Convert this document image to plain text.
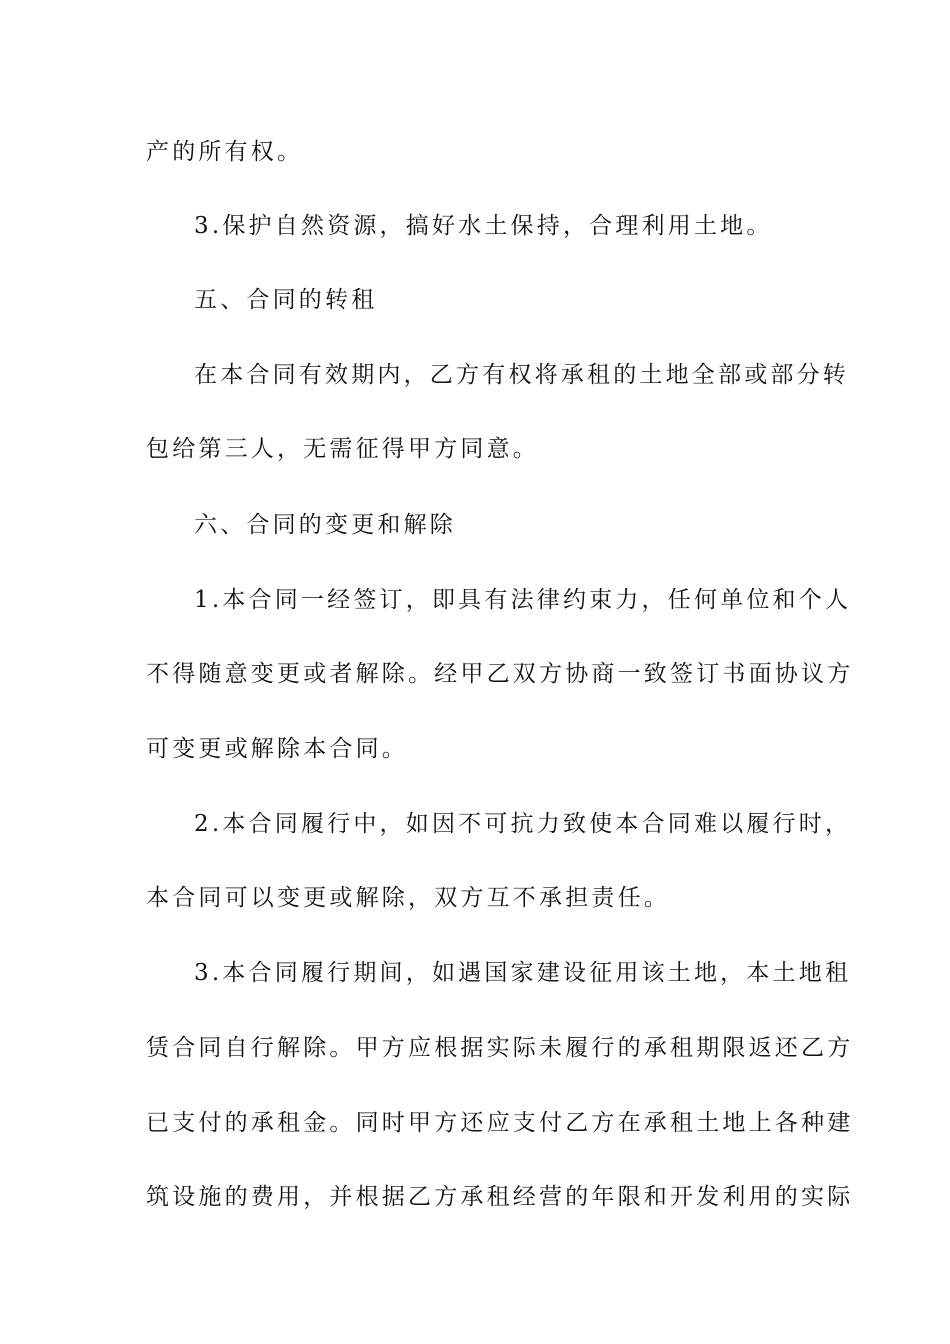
产的所有权。
3.保护自然资源，搞好水土保持，合理利用土地。
五、合同的转租
在本合同有效期内，乙方有权将承租的土地全部或部分转
包给第三人，无需征得甲方同意。
六、合同的变更和解除
1.本合同一经签订，即具有法律约束力，任何单位和个人
不得随意变更或者解除。经甲乙双方协商一致签订书面协议方
可变更或解除本合同。
2.本合同履行中，如因不可抗力致使本合同难以履行时，
本合同可以变更或解除，双方互不承担责任。
3.本合同履行期间，如遇国家建设征用该土地，本土地租
赁合同自行解除。甲方应根据实际未履行的承租期限返还乙方
已支付的承租金。同时甲方还应支付乙方在承租土地上各种建
筑设施的费用，并根据乙方承租经营的年限和开发利用的实际
